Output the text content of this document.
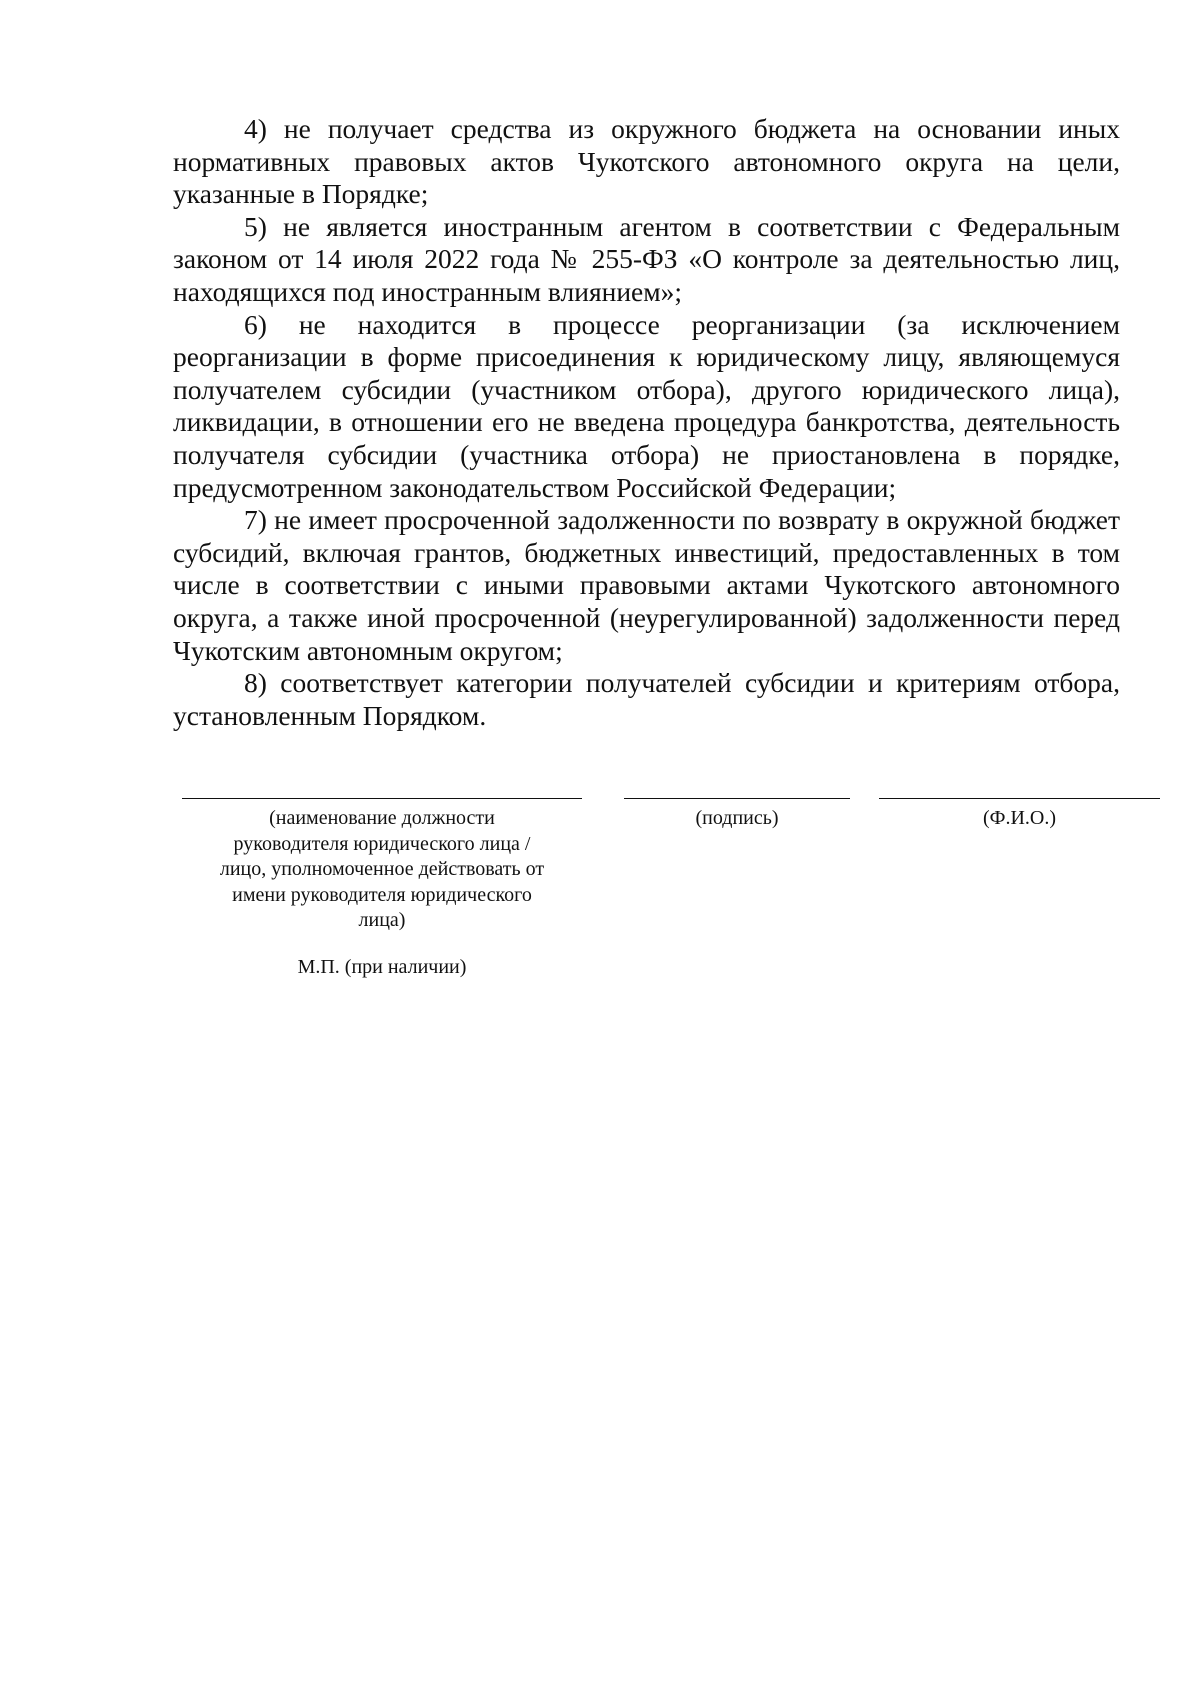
4) не получает средства из окружного бюджета на основании иных нормативных правовых актов Чукотского автономного округа на цели, указанные в Порядке;

5) не является иностранным агентом в соответствии с Федеральным законом от 14 июля 2022 года № 255-ФЗ «О контроле за деятельностью лиц, находящихся под иностранным влиянием»;

6) не находится в процессе реорганизации (за исключением реорганизации в форме присоединения к юридическому лицу, являющемуся получателем субсидии (участником отбора), другого юридического лица), ликвидации, в отношении его не введена процедура банкротства, деятельность получателя субсидии (участника отбора) не приостановлена в порядке, предусмотренном законодательством Российской Федерации;

7) не имеет просроченной задолженности по возврату в окружной бюджет субсидий, включая грантов, бюджетных инвестиций, предоставленных в том числе в соответствии с иными правовыми актами Чукотского автономного округа, а также иной просроченной (неурегулированной) задолженности перед Чукотским автономным округом;

8) соответствует категории получателей субсидии и критериям отбора, установленным Порядком.

(наименование должности
руководителя юридического лица /
лицо, уполномоченное действовать от
имени руководителя юридического
лица)
(подпись)	(Ф.И.О.)
М.П. (при наличии)
